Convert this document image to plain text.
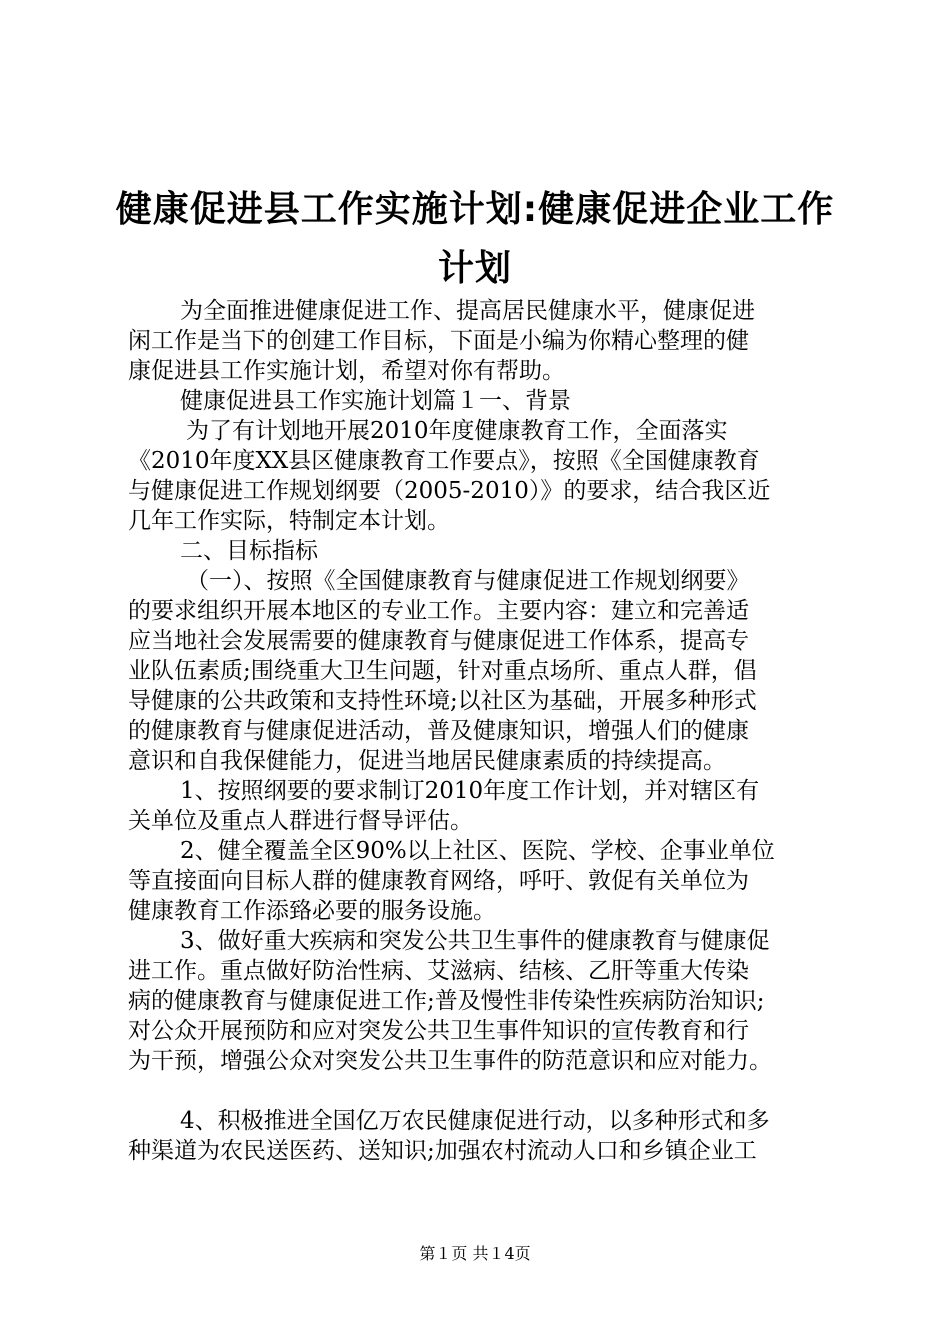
健康促进县工作实施计划:健康促进企业工作
计划
为全面推进健康促进工作、提高居民健康水平，健康促进
闲工作是当下的创建工作目标，下面是小编为你精心整理的健
康促进县工作实施计划，希望对你有帮助。
健康促进县工作实施计划篇１一、背景
为了有计划地开展2010年度健康教育工作，全面落实
《2010年度XX县区健康教育工作要点》，按照《全国健康教育
与健康促进工作规划纲要（2005-2010）》的要求，结合我区近
几年工作实际，特制定本计划。
二、目标指标
（一）、按照《全国健康教育与健康促进工作规划纲要》
的要求组织开展本地区的专业工作。主要内容：建立和完善适
应当地社会发展需要的健康教育与健康促进工作体系，提高专
业队伍素质;围绕重大卫生问题，针对重点场所、重点人群，倡
导健康的公共政策和支持性环境;以社区为基础，开展多种形式
的健康教育与健康促进活动，普及健康知识，增强人们的健康
意识和自我保健能力，促进当地居民健康素质的持续提高。
1、按照纲要的要求制订2010年度工作计划，并对辖区有
关单位及重点人群进行督导评估。
2、健全覆盖全区90%以上社区、医院、学校、企事业单位
等直接面向目标人群的健康教育网络，呼吁、敦促有关单位为
健康教育工作添臵必要的服务设施。
3、做好重大疾病和突发公共卫生事件的健康教育与健康促
进工作。重点做好防治性病、艾滋病、结核、乙肝等重大传染
病的健康教育与健康促进工作;普及慢性非传染性疾病防治知识;
对公众开展预防和应对突发公共卫生事件知识的宣传教育和行
为干预，增强公众对突发公共卫生事件的防范意识和应对能力。
4、积极推进全国亿万农民健康促进行动，以多种形式和多
种渠道为农民送医药、送知识;加强农村流动人口和乡镇企业工
第１页 共１4页
